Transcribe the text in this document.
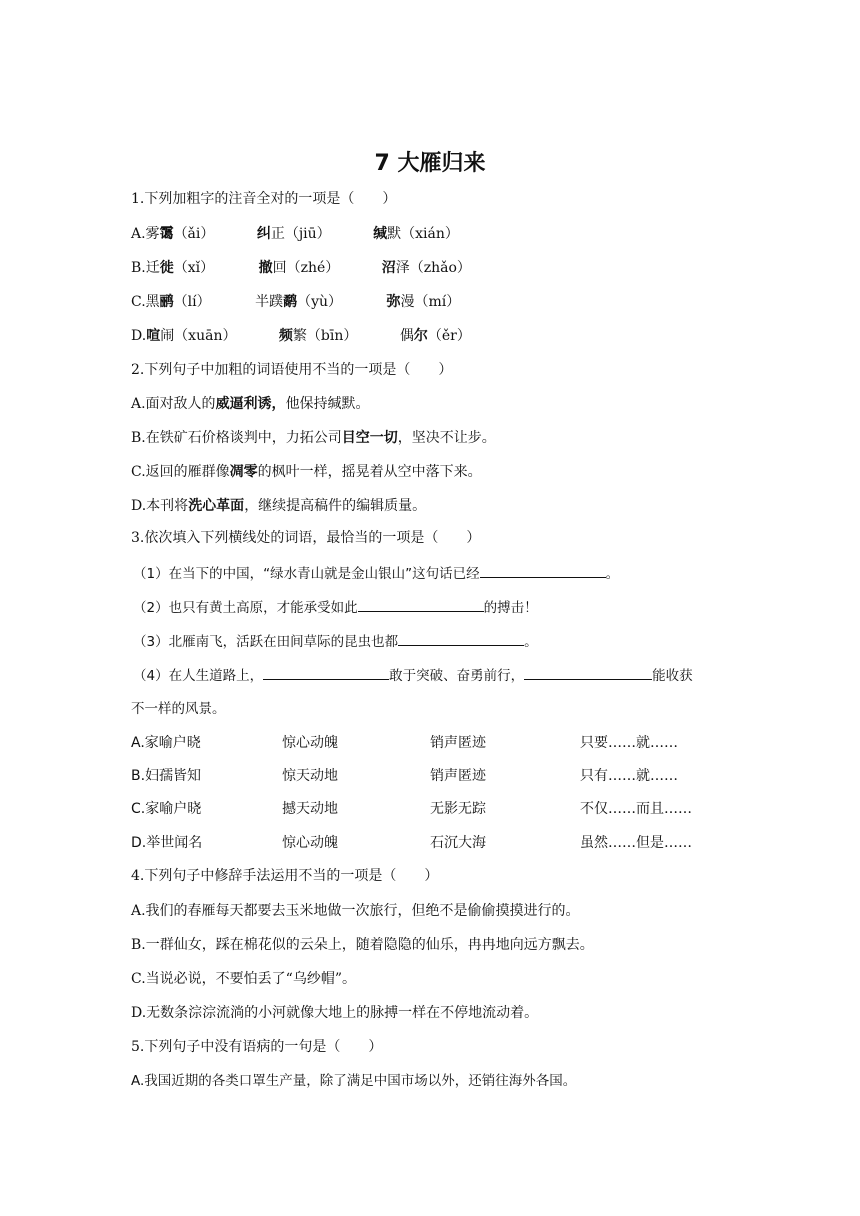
7 大雁归来
1.下列加粗字的注音全对的一项是（　　）
A.雾霭（ǎi）	纠正（jiū）	缄默（xián）
B.迁徙（xǐ）	撤回（zhé）	沼泽（zhǎo）
C.黑鹂（lí）	半蹼鹬（yù）	弥漫（mí）
D.喧闹（xuān）	频繁（bīn）	偶尔（ěr）
2.下列句子中加粗的词语使用不当的一项是（　　）
A.面对敌人的威逼利诱，他保持缄默。
B.在铁矿石价格谈判中，力拓公司目空一切，坚决不让步。
C.返回的雁群像凋零的枫叶一样，摇晃着从空中落下来。
D.本刊将洗心革面，继续提高稿件的编辑质量。
3.依次填入下列横线处的词语，最恰当的一项是（　　）
（1）在当下的中国，“绿水青山就是金山银山”这句话已经	。
（2）也只有黄土高原，才能承受如此	的搏击！
（3）北雁南飞，活跃在田间草际的昆虫也都	。
（4）在人生道路上，	敢于突破、奋勇前行，	能收获
不一样的风景。
A.家喻户晓	惊心动魄	销声匿迹	只要……就……
B.妇孺皆知	惊天动地	销声匿迹	只有……就……
C.家喻户晓	撼天动地	无影无踪	不仅……而且……
D.举世闻名	惊心动魄	石沉大海	虽然……但是……
4.下列句子中修辞手法运用不当的一项是（　　）
A.我们的春雁每天都要去玉米地做一次旅行，但绝不是偷偷摸摸进行的。
B.一群仙女，踩在棉花似的云朵上，随着隐隐的仙乐，冉冉地向远方飘去。
C.当说必说，不要怕丢了“乌纱帽”。
D.无数条淙淙流淌的小河就像大地上的脉搏一样在不停地流动着。
5.下列句子中没有语病的一句是（　　）
A.我国近期的各类口罩生产量，除了满足中国市场以外，还销往海外各国。
